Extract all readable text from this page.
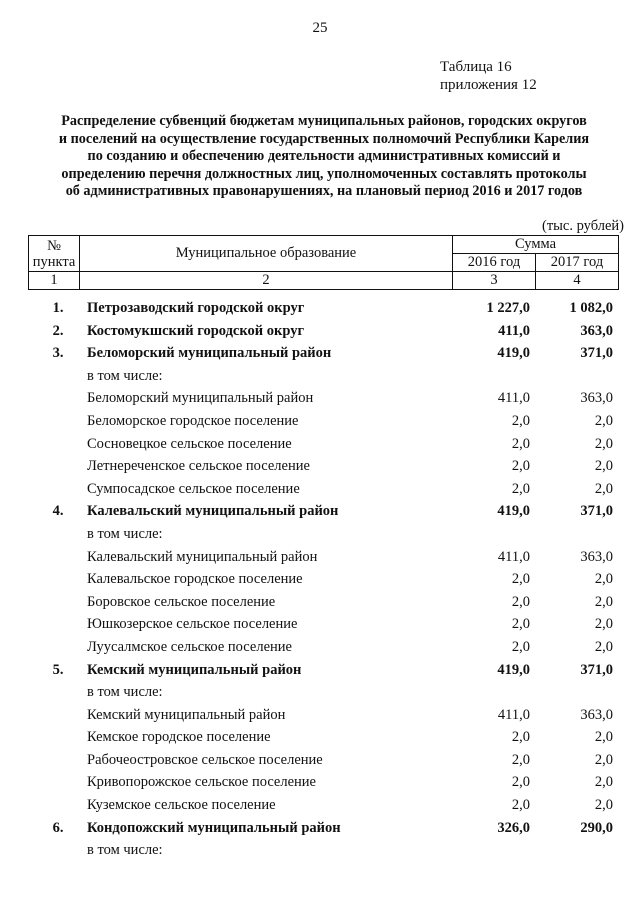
25
Таблица 16
приложения 12
Распределение субвенций бюджетам муниципальных районов, городских округов
и поселений на осуществление государственных полномочий Республики Карелия
по созданию и обеспечению деятельности административных комиссий и
определению перечня должностных лиц, уполномоченных составлять протоколы
об административных правонарушениях, на плановый период 2016 и 2017 годов
(тыс. рублей)
№ пункта	Муниципальное образование	Сумма	
		2016 год	2017 год
1	2	3	4
1.	Петрозаводский городской округ	1 227,0	1 082,0
2.	Костомукшский городской округ	411,0	363,0
3.	Беломорский муниципальный район	419,0	371,0
в том числе:
Беломорский муниципальный район	411,0	363,0
Беломорское городское поселение	2,0	2,0
Сосновецкое сельское поселение	2,0	2,0
Летнереченское сельское поселение	2,0	2,0
Сумпосадское сельское поселение	2,0	2,0
4.	Калевальский муниципальный район	419,0	371,0
в том числе:
Калевальский муниципальный район	411,0	363,0
Калевальское городское поселение	2,0	2,0
Боровское сельское поселение	2,0	2,0
Юшкозерское сельское поселение	2,0	2,0
Луусалмское сельское поселение	2,0	2,0
5.	Кемский муниципальный район	419,0	371,0
в том числе:
Кемский муниципальный район	411,0	363,0
Кемское городское поселение	2,0	2,0
Рабочеостровское сельское поселение	2,0	2,0
Кривопорожское сельское поселение	2,0	2,0
Куземское сельское поселение	2,0	2,0
6.	Кондопожский муниципальный район	326,0	290,0
в том числе:
